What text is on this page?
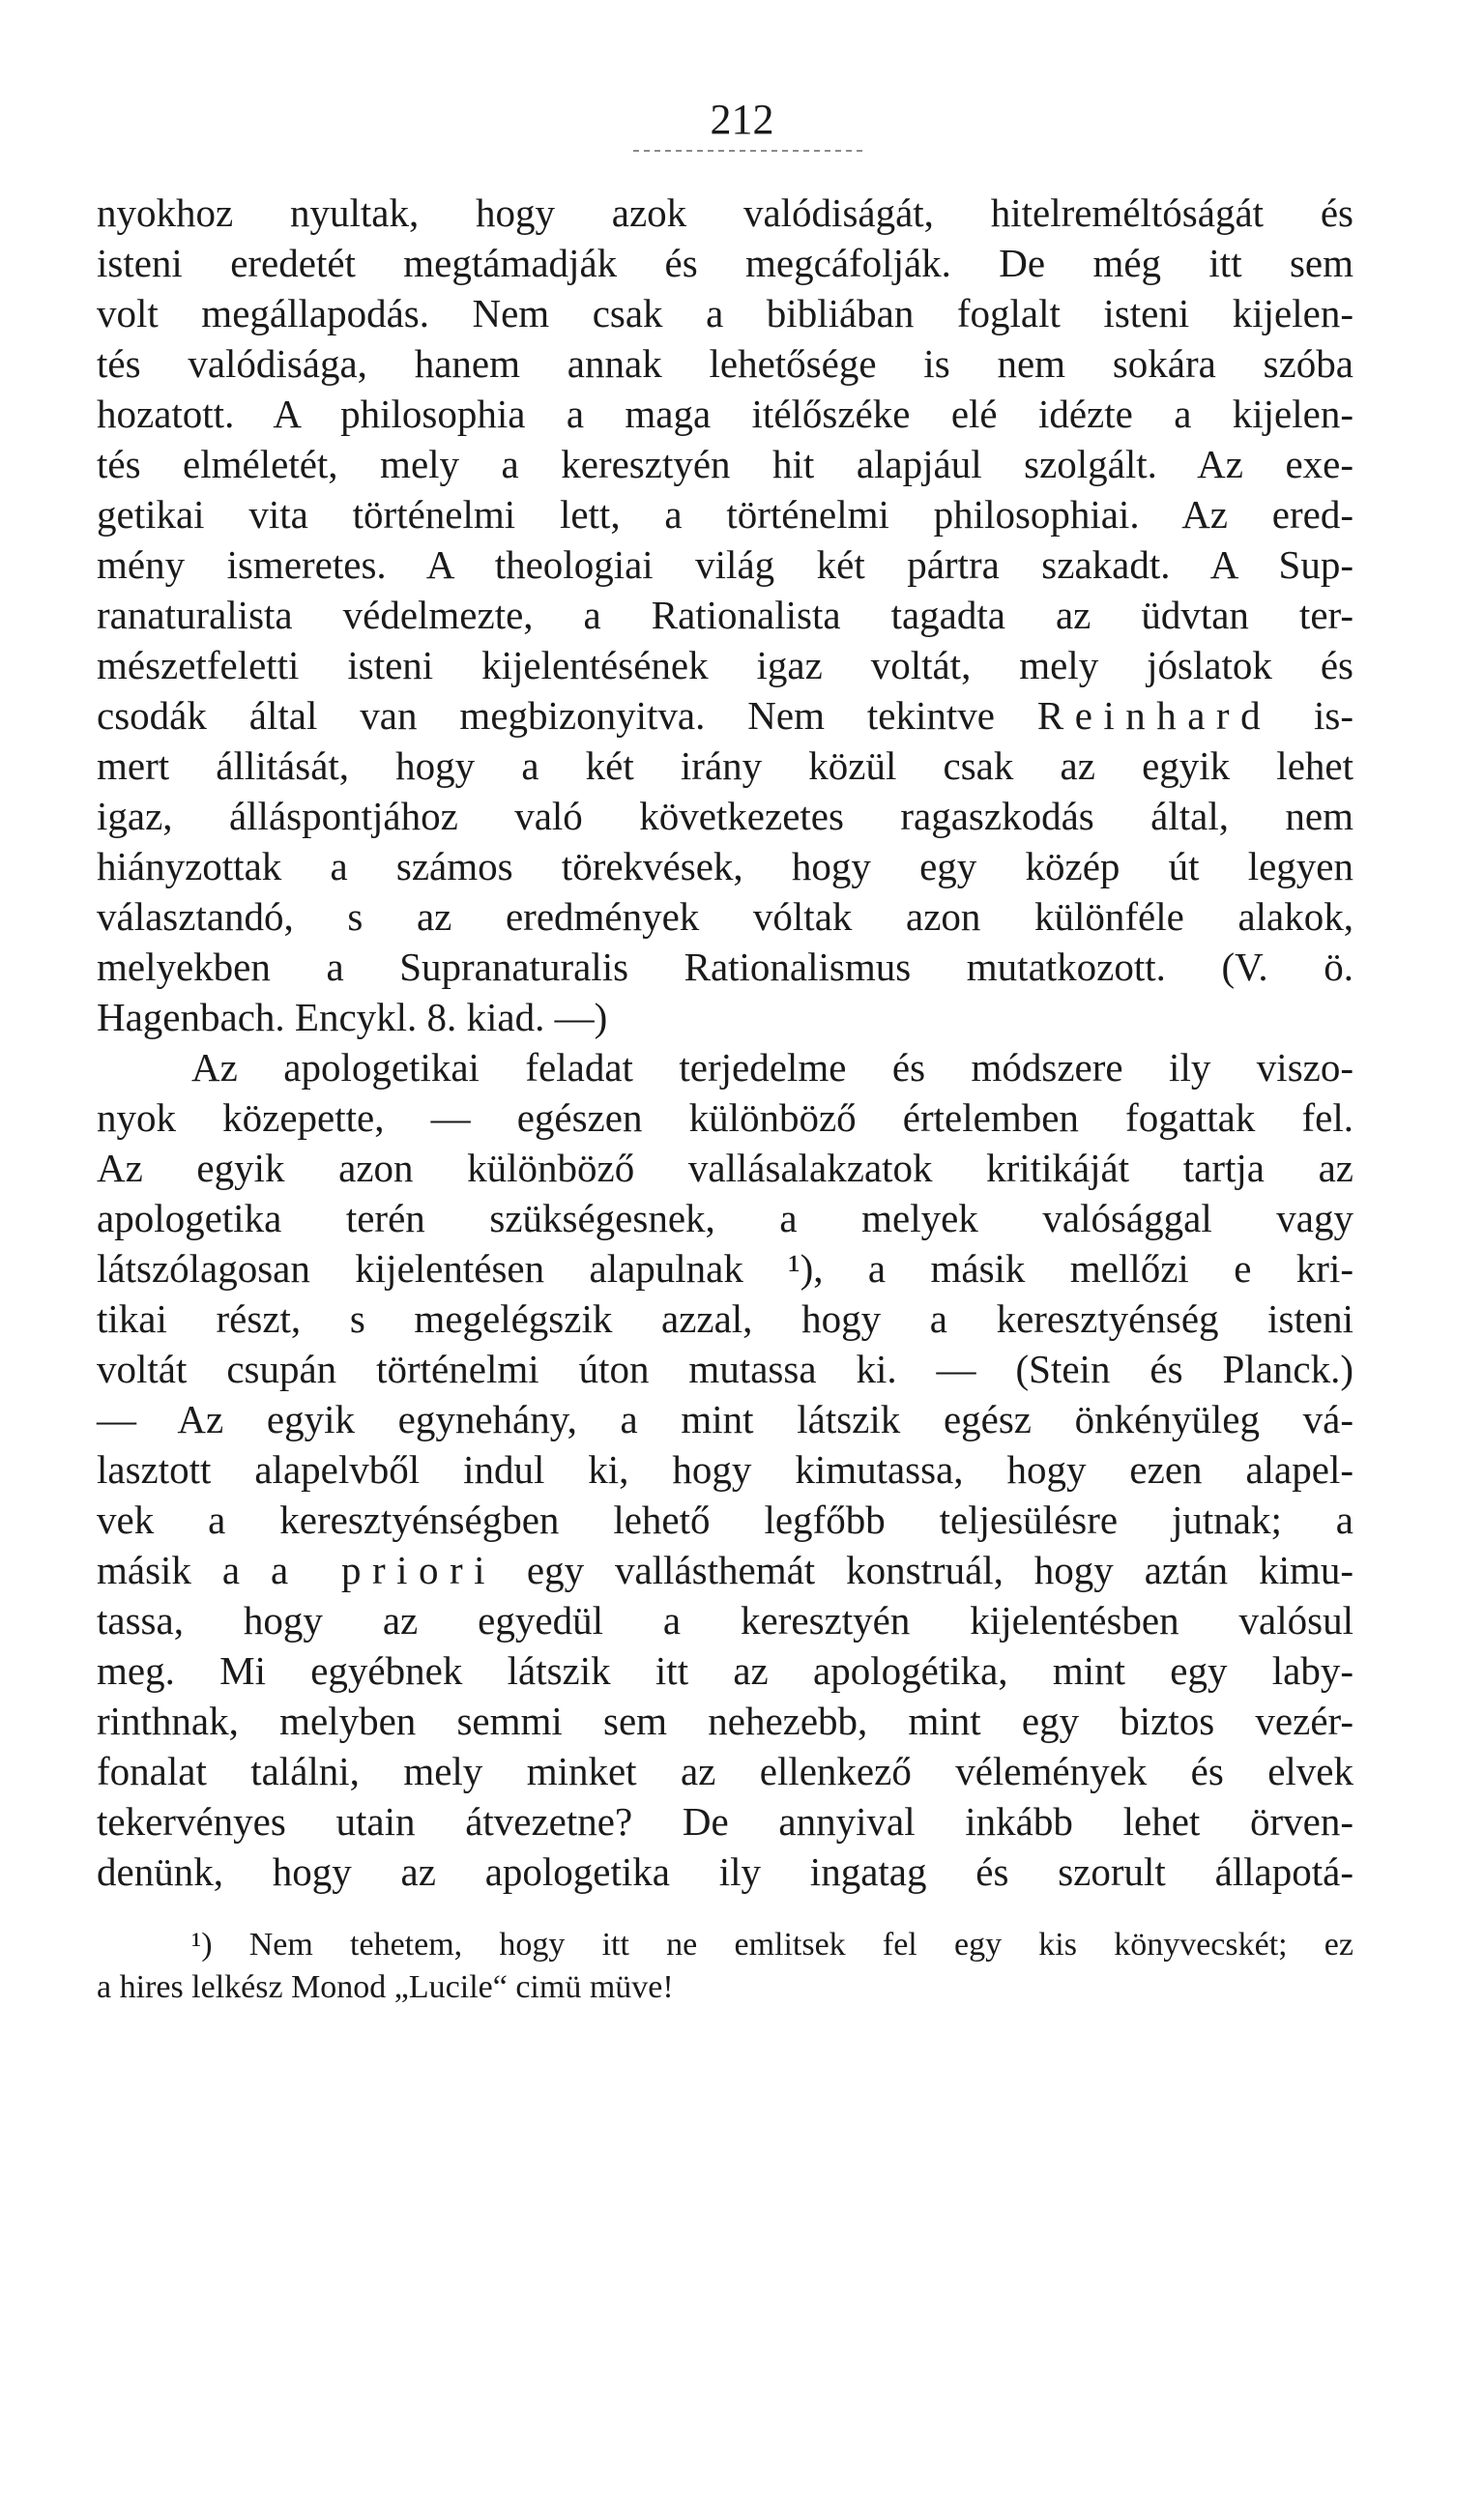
212
nyokhoz nyultak, hogy azok valódiságát, hitelreméltóságát és
isteni eredetét megtámadják és megcáfolják. De még itt sem
volt megállapodás. Nem csak a bibliában foglalt isteni kijelen-
tés valódisága, hanem annak lehetősége is nem sokára szóba
hozatott. A philosophia a maga itélőszéke elé idézte a kijelen-
tés elméletét, mely a keresztyén hit alapjául szolgált. Az exe-
getikai vita történelmi lett, a történelmi philosophiai. Az ered-
mény ismeretes. A theologiai világ két pártra szakadt. A Sup-
ranaturalista védelmezte, a Rationalista tagadta az üdvtan ter-
mészetfeletti isteni kijelentésének igaz voltát, mely jóslatok és
csodák által van megbizonyitva. Nem tekintve Reinhard is-
mert állitását, hogy a két irány közül csak az egyik lehet
igaz, álláspontjához való következetes ragaszkodás által, nem
hiányzottak a számos törekvések, hogy egy közép út legyen
választandó, s az eredmények vóltak azon különféle alakok,
melyekben a Supranaturalis Rationalismus mutatkozott. (V. ö.
Hagenbach. Encykl. 8. kiad. —)
Az apologetikai feladat terjedelme és módszere ily viszo-
nyok közepette, — egészen különböző értelemben fogattak fel.
Az egyik azon különböző vallásalakzatok kritikáját tartja az
apologetika terén szükségesnek, a melyek valósággal vagy
látszólagosan kijelentésen alapulnak ¹), a másik mellőzi e kri-
tikai részt, s megelégszik azzal, hogy a keresztyénség isteni
voltát csupán történelmi úton mutassa ki. — (Stein és Planck.)
— Az egyik egynehány, a mint látszik egész önkényüleg vá-
lasztott alapelvből indul ki, hogy kimutassa, hogy ezen alapel-
vek a keresztyénségben lehető legfőbb teljesülésre jutnak; a
másik a a priori egy vallásthemát konstruál, hogy aztán kimu-
tassa, hogy az egyedül a keresztyén kijelentésben valósul
meg. Mi egyébnek látszik itt az apologétika, mint egy laby-
rinthnak, melyben semmi sem nehezebb, mint egy biztos vezér-
fonalat találni, mely minket az ellenkező vélemények és elvek
tekervényes utain átvezetne? De annyival inkább lehet örven-
denünk, hogy az apologetika ily ingatag és szorult állapotá-
¹) Nem tehetem, hogy itt ne emlitsek fel egy kis könyvecskét; ez
a hires lelkész Monod „Lucile“ cimü müve!
